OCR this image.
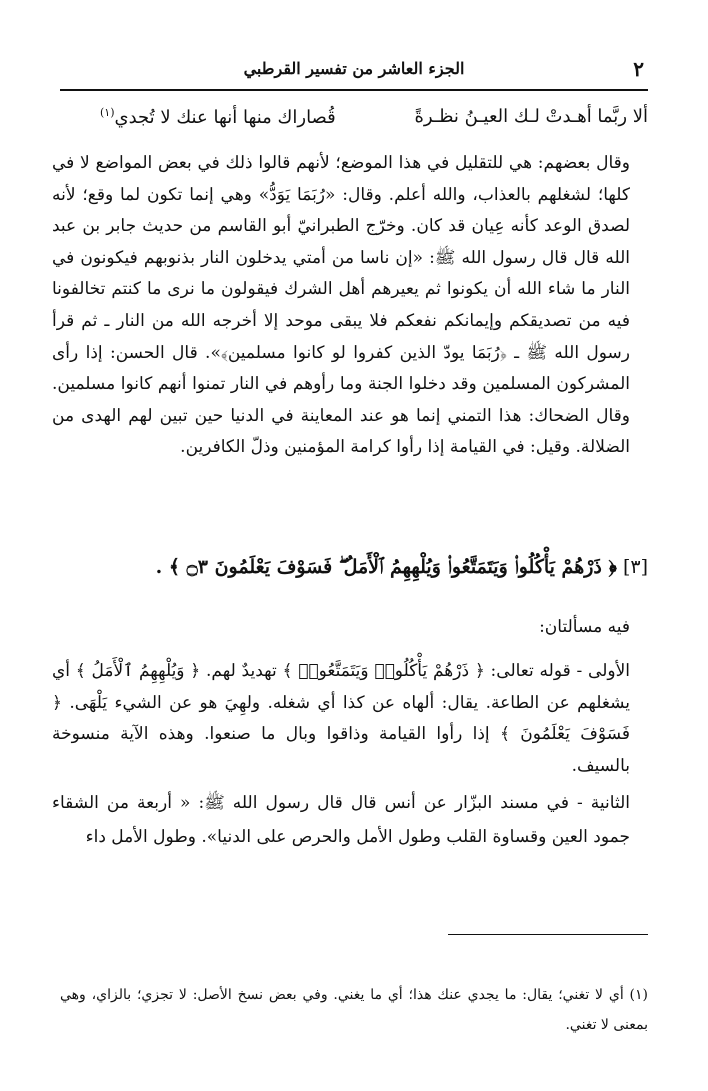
٢
الجزء العاشر من تفسير القرطبي
ألا ربَّما أهـدتْ لـك العيـنُ نظـرةً
قُصاراك منها أنها عنك لا تُجدي$^{(١)}$
وقال بعضهم: هي للتقليل في هذا الموضع؛ لأنهم قالوا ذلك في بعض المواضع لا في كلها؛ لشغلهم بالعذاب، والله أعلم. وقال: «رُبَمَا يَوَدُّ» وهي إنما تكون لما وقع؛ لأنه لصدق الوعد كأنه عِيان قد كان. وخرّج الطبرانيّ أبو القاسم من حديث جابر بن عبد الله قال قال رسول الله ﷺ: «إن ناسا من أمتي يدخلون النار بذنوبهم فيكونون في النار ما شاء الله أن يكونوا ثم يعيرهم أهل الشرك فيقولون ما نرى ما كنتم تخالفونا فيه من تصديقكم وإيمانكم نفعكم فلا يبقى موحد إلا أخرجه الله من النار ـ ثم قرأ رسول الله ﷺ ـ ﴿رُبَمَا يودّ الذين كفروا لو كانوا مسلمين﴾». قال الحسن: إذا رأى المشركون المسلمين وقد دخلوا الجنة وما رأوهم في النار تمنوا أنهم كانوا مسلمين. وقال الضحاك: هذا التمني إنما هو عند المعاينة في الدنيا حين تبين لهم الهدى من الضلالة. وقيل: في القيامة إذا رأوا كرامة المؤمنين وذلّ الكافرين.
[٣] ﴿ ذَرْهُمْ يَأْكُلُوا۟ وَيَتَمَتَّعُوا۟ وَيُلْهِهِمُ ٱلْأَمَلُ ۖ فَسَوْفَ يَعْلَمُونَ ۝٣ ﴾ .
فيه مسألتان:
الأولى - قوله تعالى: ﴿ ذَرْهُمْ يَأْكُلُوا۟ وَيَتَمَتَّعُوا۟ ﴾ تهديدٌ لهم. ﴿ وَيُلْهِهِمُ ٱلْأَمَلُ ﴾ أي يشغلهم عن الطاعة. يقال: ألهاه عن كذا أي شغله. ولهِيَ هو عن الشيء يَلْهَى. ﴿ فَسَوْفَ يَعْلَمُونَ ﴾ إذا رأوا القيامة وذاقوا وبال ما صنعوا. وهذه الآية منسوخة بالسيف.
الثانية - في مسند البزّار عن أنس قال قال رسول الله ﷺ: « أربعة من الشقاء جمود العين وقساوة القلب وطول الأمل والحرص على الدنيا». وطول الأمل داء
(١) أي لا تغني؛ يقال: ما يجدي عنك هذا؛ أي ما يغني. وفي بعض نسخ الأصل: لا تجزي؛ بالزاي، وهي بمعنى لا تغني.
